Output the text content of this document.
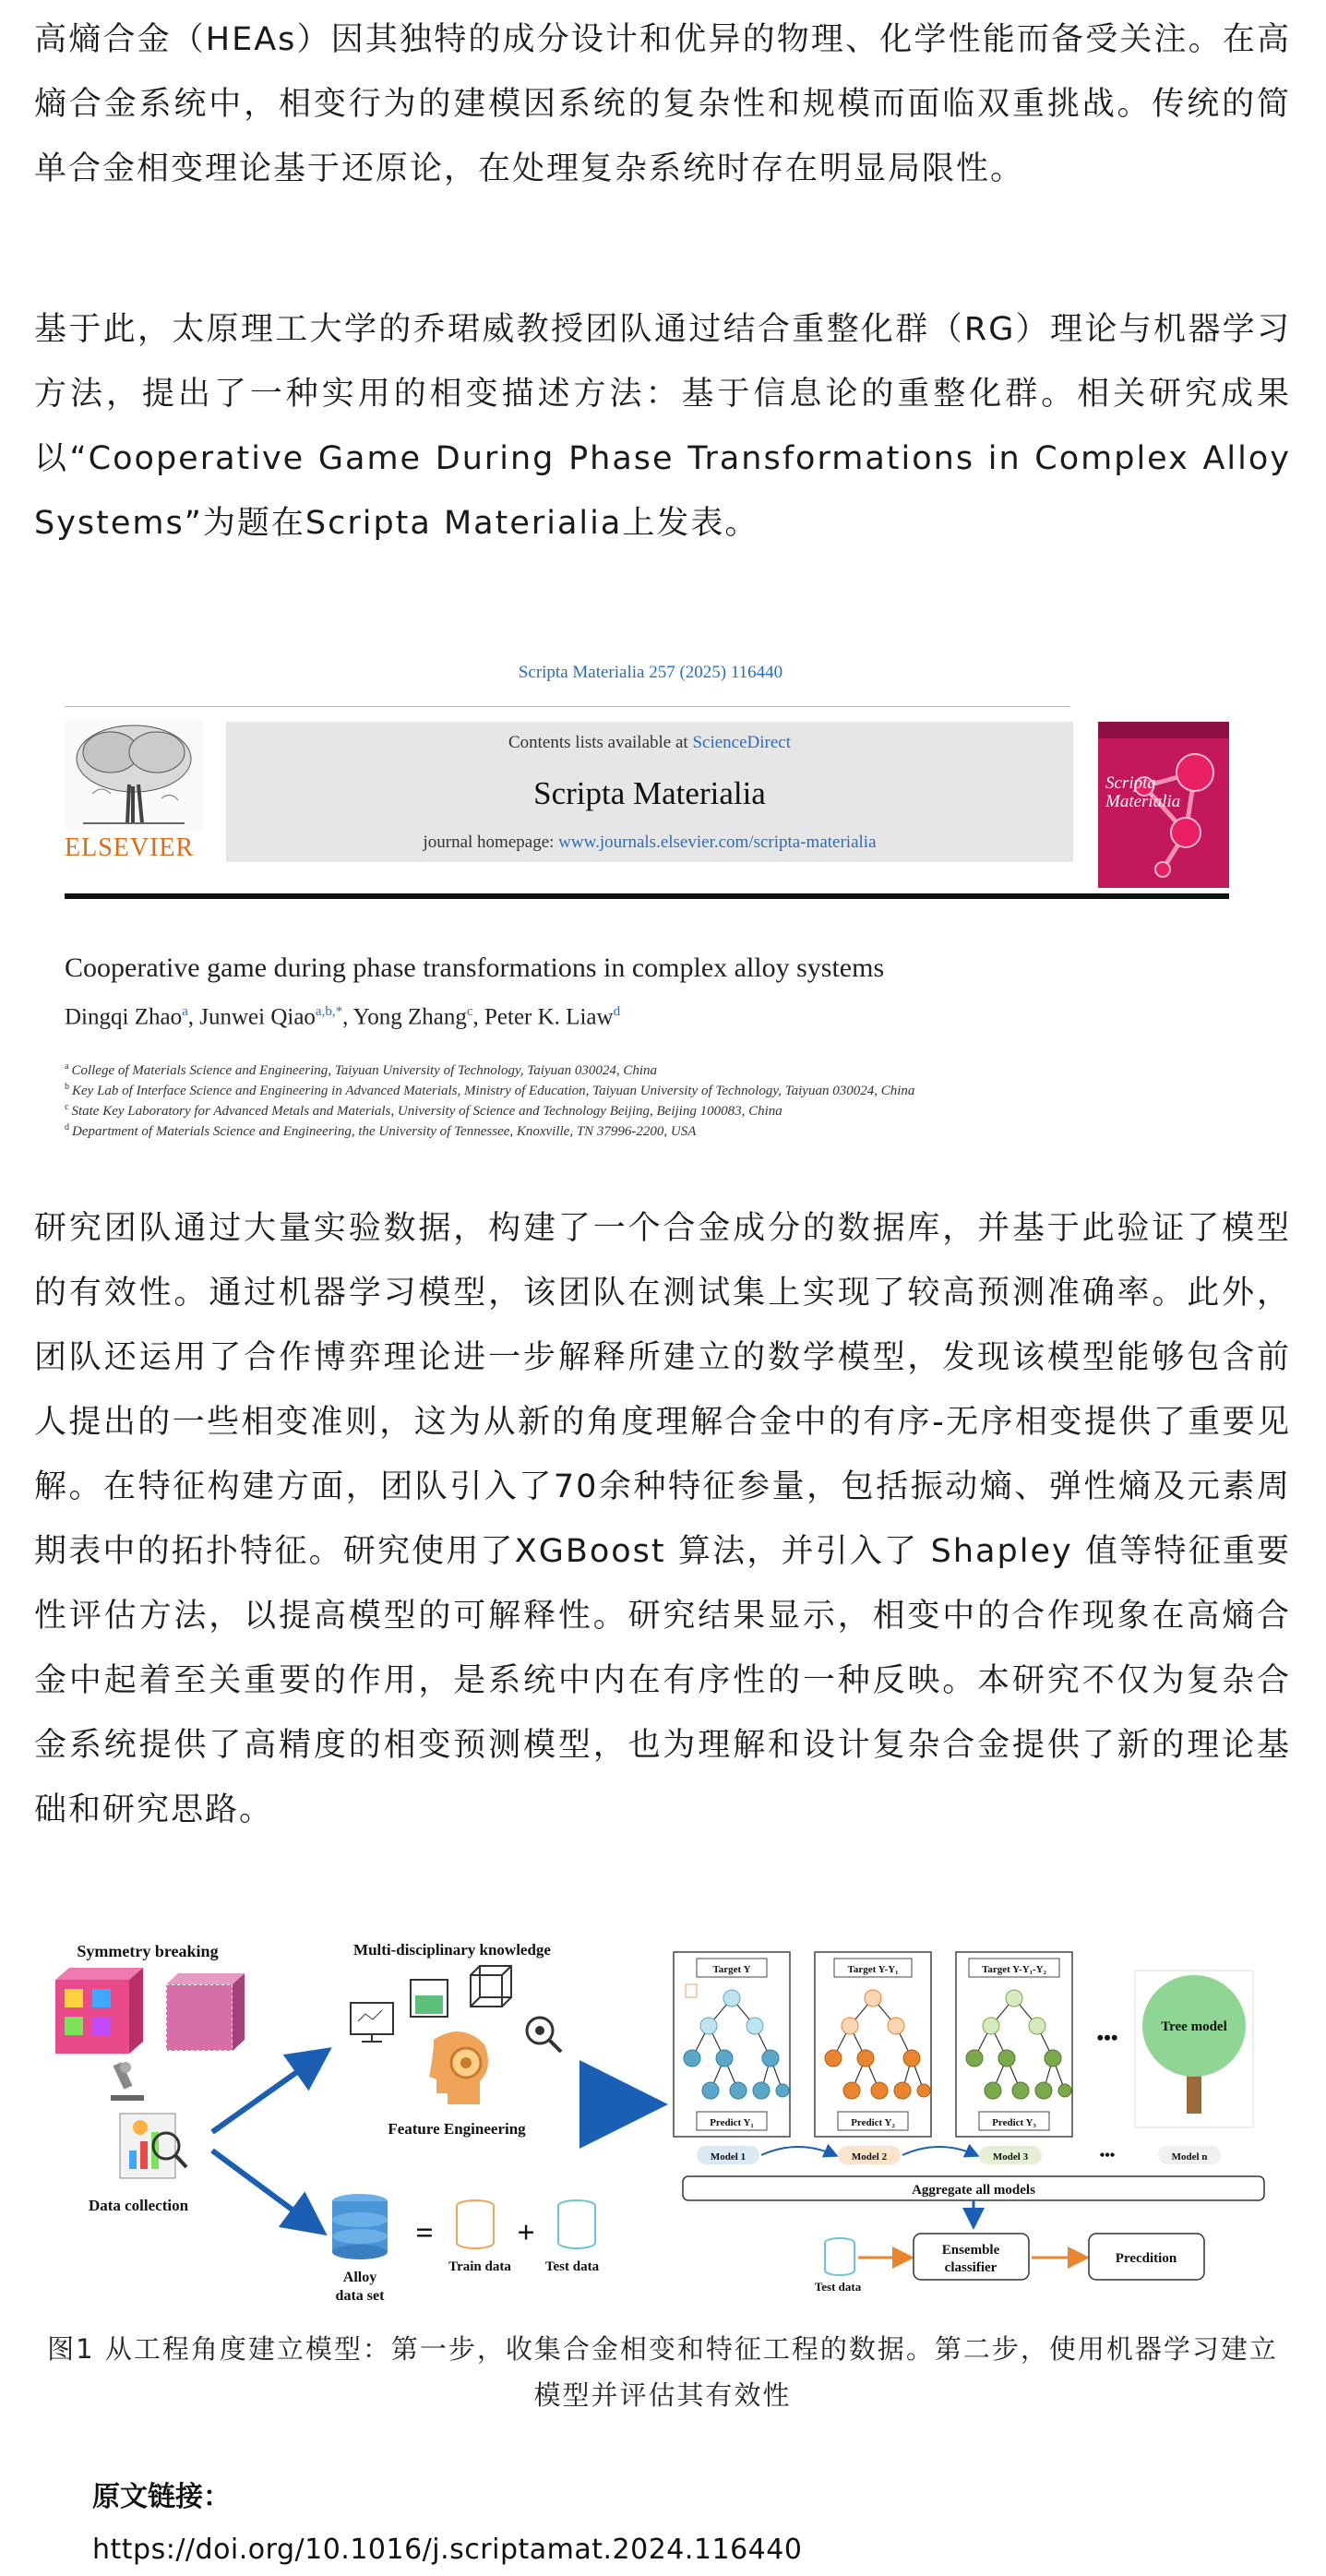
高熵合金（HEAs）因其独特的成分设计和优异的物理、化学性能而备受关注。在高熵合金系统中，相变行为的建模因系统的复杂性和规模而面临双重挑战。传统的简单合金相变理论基于还原论，在处理复杂系统时存在明显局限性。

基于此，太原理工大学的乔珺威教授团队通过结合重整化群（RG）理论与机器学习方法，提出了一种实用的相变描述方法：基于信息论的重整化群。相关研究成果以“Cooperative Game During Phase Transformations in Complex Alloy Systems”为题在Scripta Materialia上发表。

Scripta Materialia 257 (2025) 116440
ELSEVIER
Contents lists available at ScienceDirect
Scripta Materialia
journal homepage: www.journals.elsevier.com/scripta-materialia
Scripta
Materialia
Cooperative game during phase transformations in complex alloy systems
Dingqi Zhao$^a$, Junwei Qiao$^{a,b,*}$, Yong Zhang$^c$, Peter K. Liaw$^d$
$^a$ College of Materials Science and Engineering, Taiyuan University of Technology, Taiyuan 030024, China
$^b$ Key Lab of Interface Science and Engineering in Advanced Materials, Ministry of Education, Taiyuan University of Technology, Taiyuan 030024, China
$^c$ State Key Laboratory for Advanced Metals and Materials, University of Science and Technology Beijing, Beijing 100083, China
$^d$ Department of Materials Science and Engineering, the University of Tennessee, Knoxville, TN 37996-2200, USA

研究团队通过大量实验数据，构建了一个合金成分的数据库，并基于此验证了模型的有效性。通过机器学习模型，该团队在测试集上实现了较高预测准确率。此外，团队还运用了合作博弈理论进一步解释所建立的数学模型，发现该模型能够包含前人提出的一些相变准则，这为从新的角度理解合金中的有序-无序相变提供了重要见解。在特征构建方面，团队引入了70余种特征参量，包括振动熵、弹性熵及元素周期表中的拓扑特征。研究使用了XGBoost 算法，并引入了 Shapley 值等特征重要性评估方法，以提高模型的可解释性。研究结果显示，相变中的合作现象在高熵合金中起着至关重要的作用，是系统中内在有序性的一种反映。本研究不仅为复杂合金系统提供了高精度的相变预测模型，也为理解和设计复杂合金提供了新的理论基础和研究思路。

Symmetry breaking
Data collection
Multi-disciplinary knowledge
Feature Engineering
Alloy
data set
=	+
Train data Test data
Target Y
Predict Y₁
Target Y-Y₁
Predict Y₂
Target Y-Y₁-Y₂
Predict Y₃
•••	Tree model
Model 1	Model 2	Model 3	•••	Model n
Aggregate all models
Test data
Ensemble
classifier
Precdition

图1 从工程角度建立模型：第一步，收集合金相变和特征工程的数据。第二步，使用机器学习建立模型并评估其有效性

原文链接：
https://doi.org/10.1016/j.scriptamat.2024.116440
